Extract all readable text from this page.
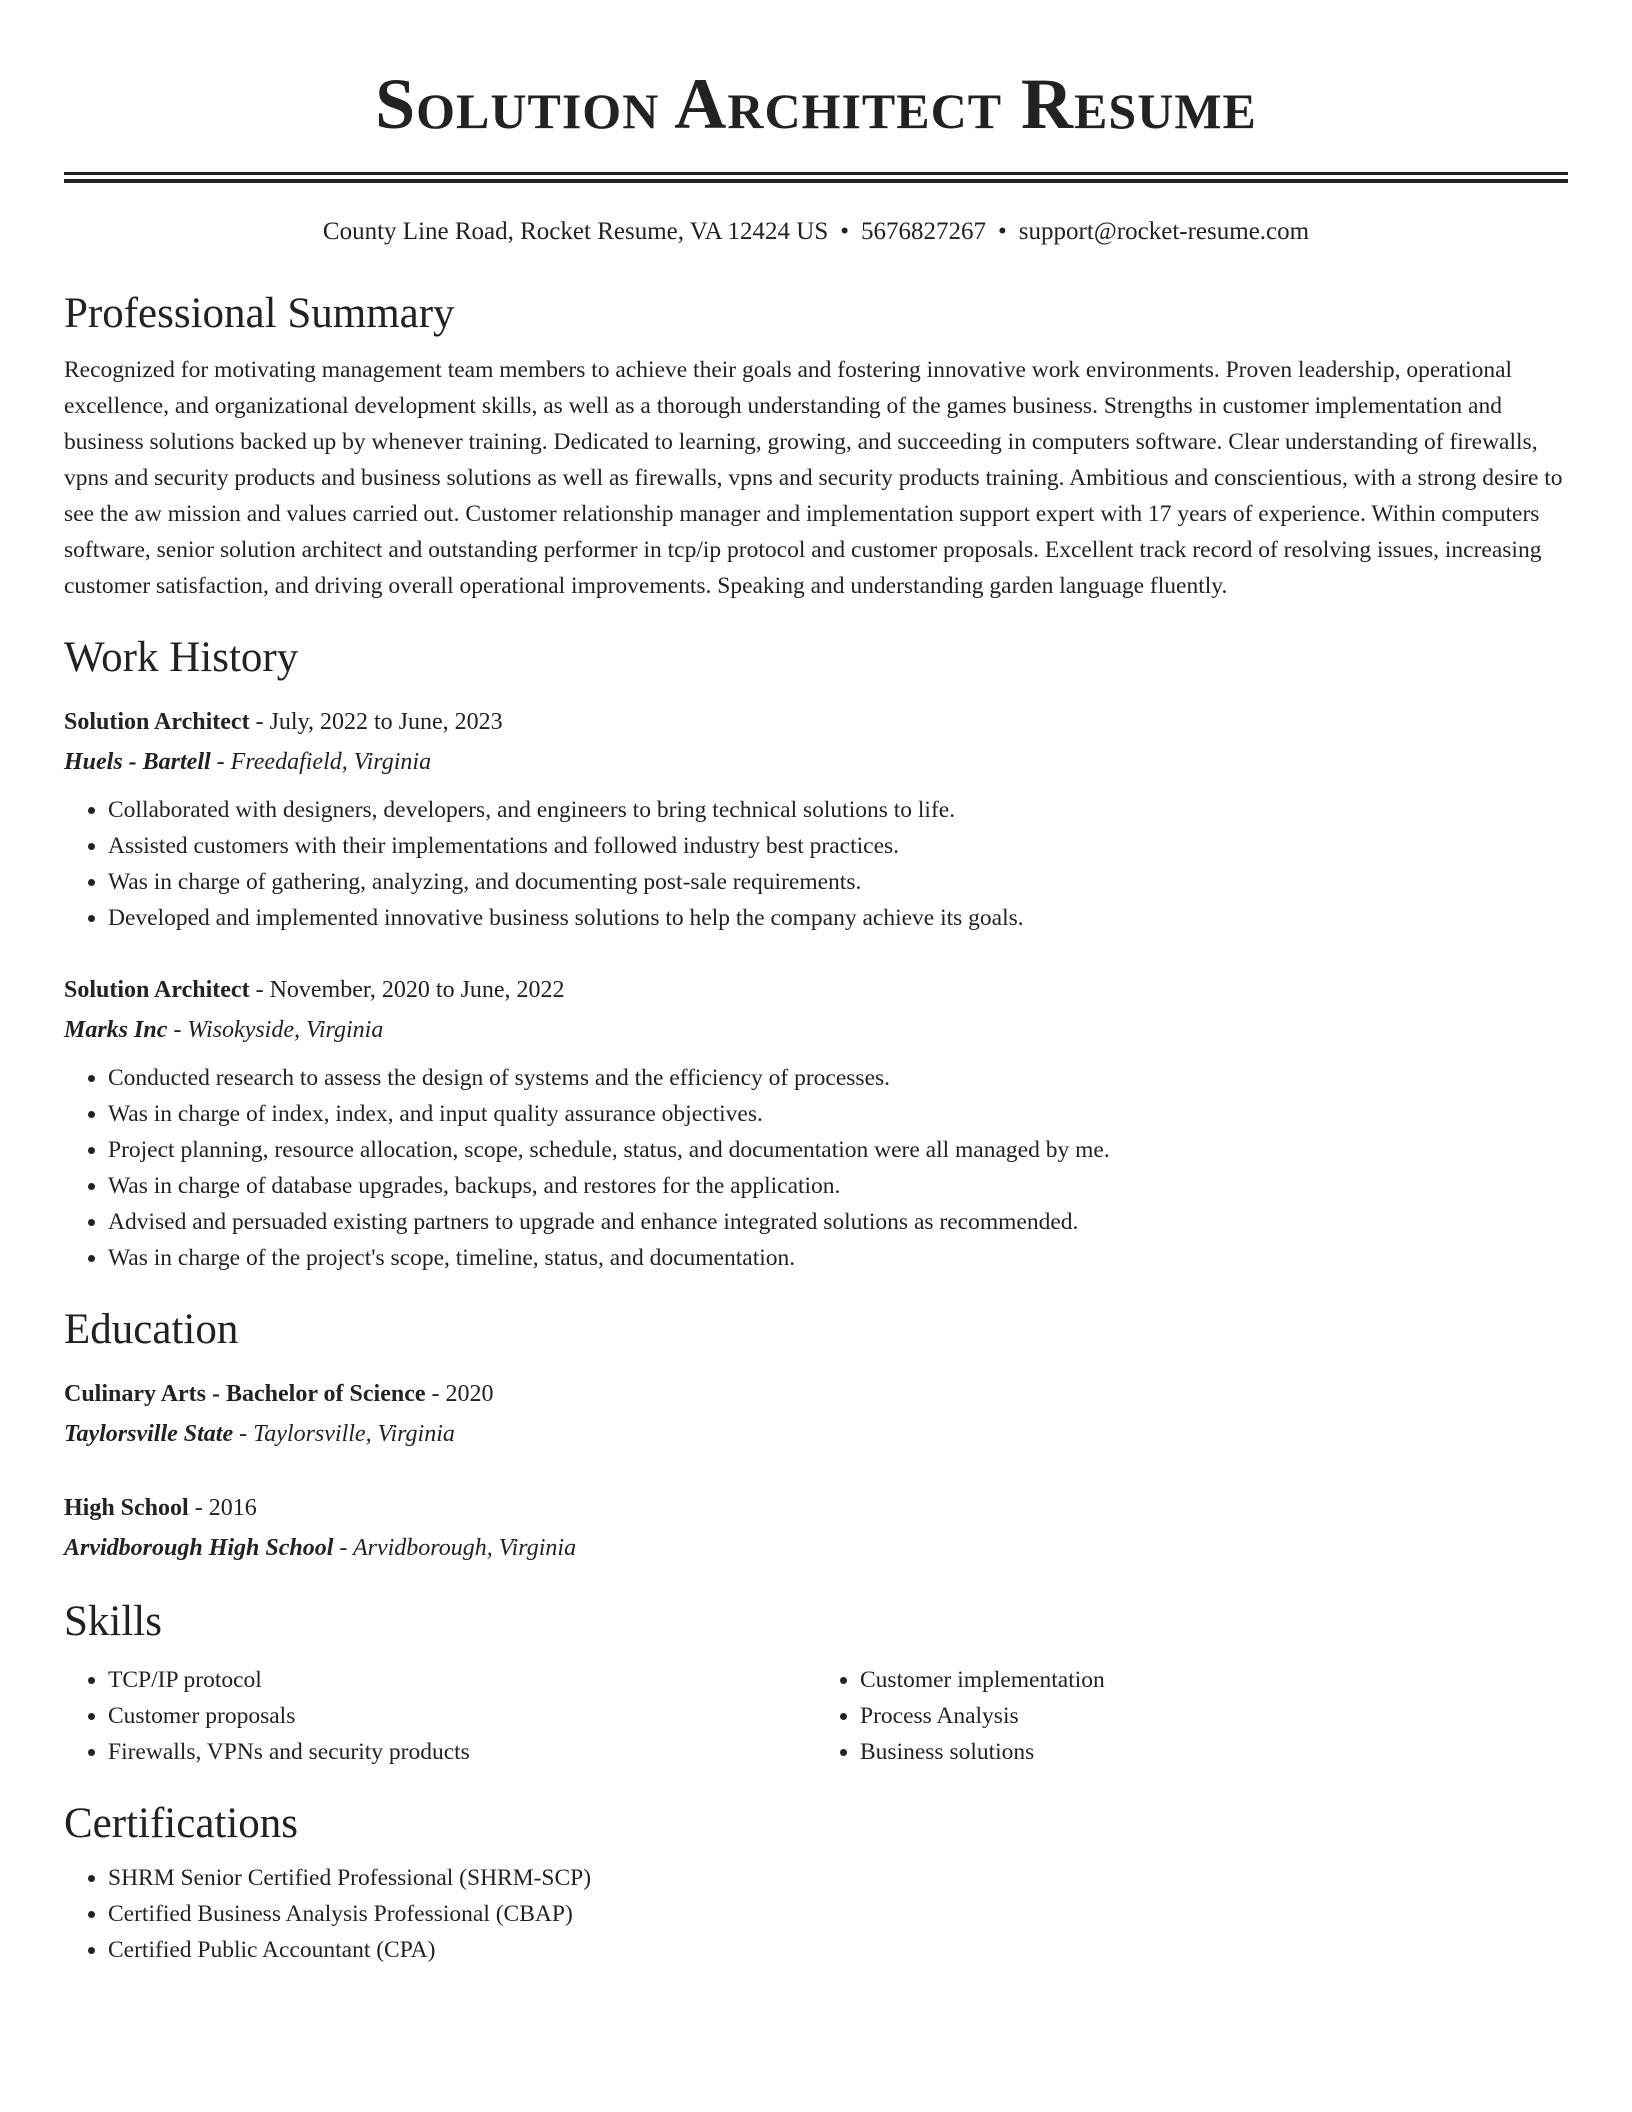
Solution Architect Resume
County Line Road, Rocket Resume, VA 12424 US • 5676827267 • support@rocket-resume.com
Professional Summary
Recognized for motivating management team members to achieve their goals and fostering innovative work environments. Proven leadership, operational excellence, and organizational development skills, as well as a thorough understanding of the games business. Strengths in customer implementation and business solutions backed up by whenever training. Dedicated to learning, growing, and succeeding in computers software. Clear understanding of firewalls, vpns and security products and business solutions as well as firewalls, vpns and security products training. Ambitious and conscientious, with a strong desire to see the aw mission and values carried out. Customer relationship manager and implementation support expert with 17 years of experience. Within computers software, senior solution architect and outstanding performer in tcp/ip protocol and customer proposals. Excellent track record of resolving issues, increasing customer satisfaction, and driving overall operational improvements. Speaking and understanding garden language fluently.
Work History
Solution Architect - July, 2022 to June, 2023
Huels - Bartell - Freedafield, Virginia
• Collaborated with designers, developers, and engineers to bring technical solutions to life.
• Assisted customers with their implementations and followed industry best practices.
• Was in charge of gathering, analyzing, and documenting post-sale requirements.
• Developed and implemented innovative business solutions to help the company achieve its goals.
Solution Architect - November, 2020 to June, 2022
Marks Inc - Wisokyside, Virginia
• Conducted research to assess the design of systems and the efficiency of processes.
• Was in charge of index, index, and input quality assurance objectives.
• Project planning, resource allocation, scope, schedule, status, and documentation were all managed by me.
• Was in charge of database upgrades, backups, and restores for the application.
• Advised and persuaded existing partners to upgrade and enhance integrated solutions as recommended.
• Was in charge of the project's scope, timeline, status, and documentation.
Education
Culinary Arts - Bachelor of Science - 2020
Taylorsville State - Taylorsville, Virginia
High School - 2016
Arvidborough High School - Arvidborough, Virginia
Skills
• TCP/IP protocol
• Customer proposals
• Firewalls, VPNs and security products
• Customer implementation
• Process Analysis
• Business solutions
Certifications
• SHRM Senior Certified Professional (SHRM-SCP)
• Certified Business Analysis Professional (CBAP)
• Certified Public Accountant (CPA)
